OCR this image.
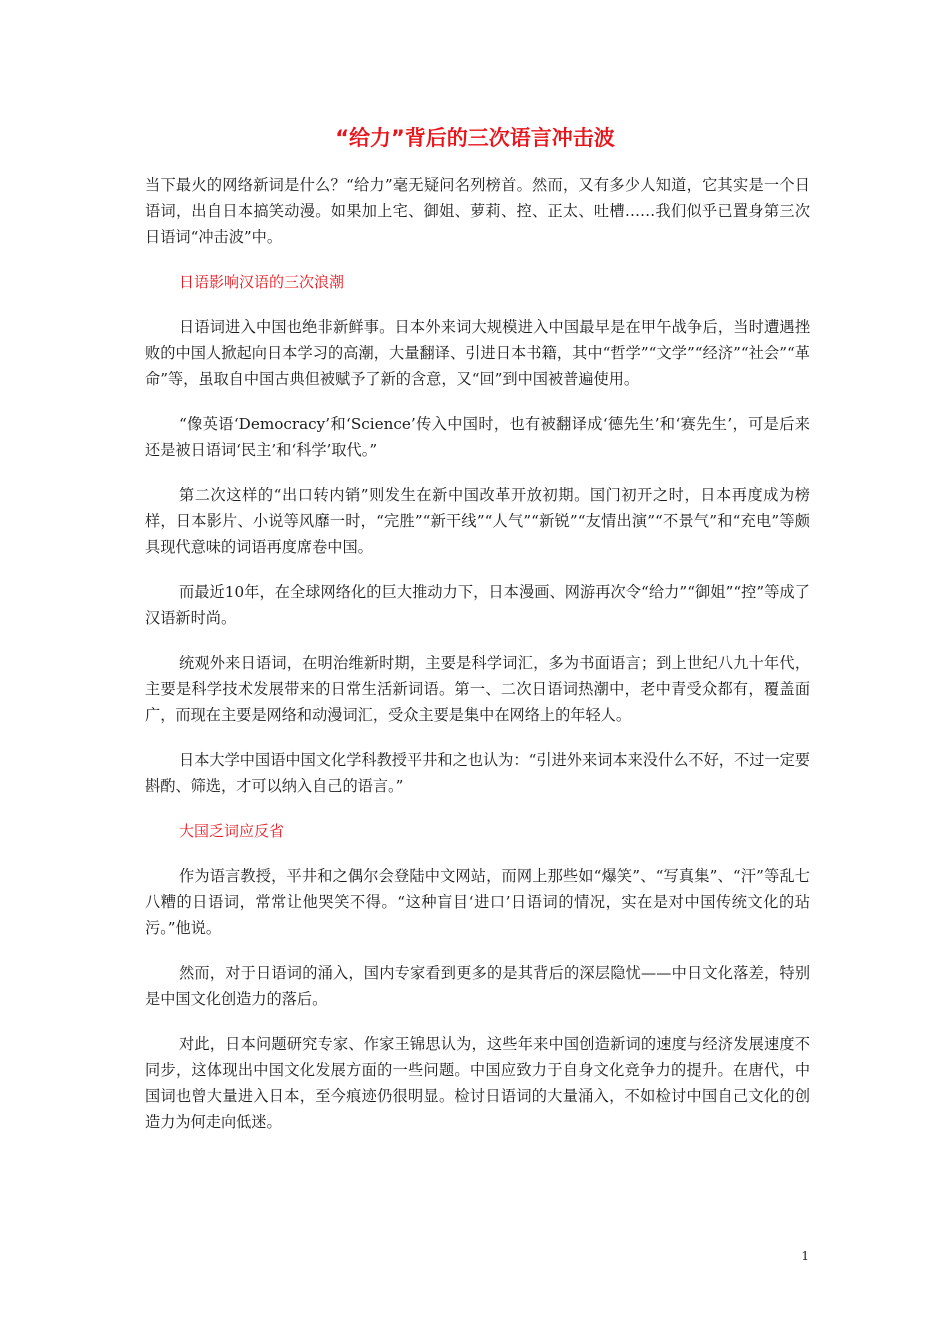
“给力”背后的三次语言冲击波

当下最火的网络新词是什么？“给力”毫无疑问名列榜首。然而，又有多少人知道，它其实是一个日语词，出自日本搞笑动漫。如果加上宅、御姐、萝莉、控、正太、吐槽……我们似乎已置身第三次日语词“冲击波”中。

日语影响汉语的三次浪潮

日语词进入中国也绝非新鲜事。日本外来词大规模进入中国最早是在甲午战争后，当时遭遇挫败的中国人掀起向日本学习的高潮，大量翻译、引进日本书籍，其中“哲学”“文学”“经济”“社会”“革命”等，虽取自中国古典但被赋予了新的含意，又“回”到中国被普遍使用。

“像英语‘Democracy’和‘Science’传入中国时，也有被翻译成‘德先生’和‘赛先生’，可是后来还是被日语词‘民主’和‘科学’取代。”

第二次这样的“出口转内销”则发生在新中国改革开放初期。国门初开之时，日本再度成为榜样，日本影片、小说等风靡一时，“完胜”“新干线”“人气”“新锐”“友情出演”“不景气”和“充电”等颇具现代意味的词语再度席卷中国。

而最近10年，在全球网络化的巨大推动力下，日本漫画、网游再次令“给力”“御姐”“控”等成了汉语新时尚。

统观外来日语词，在明治维新时期，主要是科学词汇，多为书面语言；到上世纪八九十年代，主要是科学技术发展带来的日常生活新词语。第一、二次日语词热潮中，老中青受众都有，覆盖面广，而现在主要是网络和动漫词汇，受众主要是集中在网络上的年轻人。

日本大学中国语中国文化学科教授平井和之也认为：“引进外来词本来没什么不好，不过一定要斟酌、筛选，才可以纳入自己的语言。”

大国乏词应反省

作为语言教授，平井和之偶尔会登陆中文网站，而网上那些如“爆笑”、“写真集”、“汗”等乱七八糟的日语词，常常让他哭笑不得。“这种盲目‘进口’日语词的情况，实在是对中国传统文化的玷污。”他说。

然而，对于日语词的涌入，国内专家看到更多的是其背后的深层隐忧——中日文化落差，特别是中国文化创造力的落后。

对此，日本问题研究专家、作家王锦思认为，这些年来中国创造新词的速度与经济发展速度不同步，这体现出中国文化发展方面的一些问题。中国应致力于自身文化竞争力的提升。在唐代，中国词也曾大量进入日本，至今痕迹仍很明显。检讨日语词的大量涌入，不如检讨中国自己文化的创造力为何走向低迷。

1
